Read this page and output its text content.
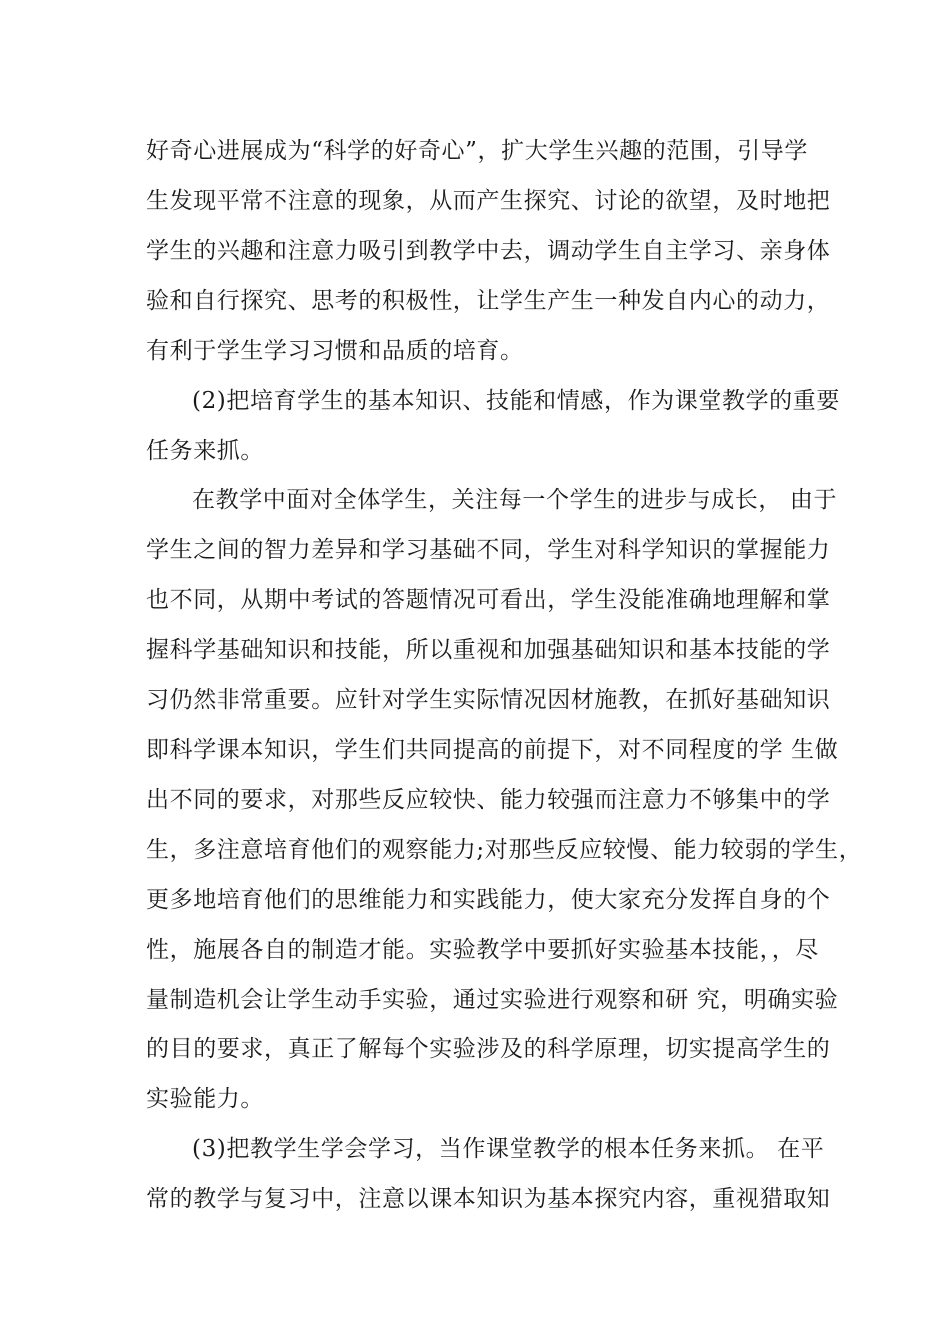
好奇心进展成为“科学的好奇心”，扩大学生兴趣的范围，引导学
生发现平常不注意的现象，从而产生探究、讨论的欲望，及时地把
学生的兴趣和注意力吸引到教学中去，调动学生自主学习、亲身体
验和自行探究、思考的积极性，让学生产生一种发自内心的动力，
有利于学生学习习惯和品质的培育。
(2)把培育学生的基本知识、技能和情感，作为课堂教学的重要
任务来抓。
在教学中面对全体学生，关注每一个学生的进步与成长， 由于
学生之间的智力差异和学习基础不同，学生对科学知识的掌握能力
也不同，从期中考试的答题情况可看出，学生没能准确地理解和掌
握科学基础知识和技能，所以重视和加强基础知识和基本技能的学
习仍然非常重要。应针对学生实际情况因材施教，在抓好基础知识
即科学课本知识，学生们共同提高的前提下，对不同程度的学 生做
出不同的要求，对那些反应较快、能力较强而注意力不够集中的学
生，多注意培育他们的观察能力;对那些反应较慢、能力较弱的学生，
更多地培育他们的思维能力和实践能力，使大家充分发挥自身的个
性，施展各自的制造才能。实验教学中要抓好实验基本技能，，尽
量制造机会让学生动手实验，通过实验进行观察和研 究，明确实验
的目的要求，真正了解每个实验涉及的科学原理，切实提高学生的
实验能力。
(3)把教学生学会学习，当作课堂教学的根本任务来抓。 在平
常的教学与复习中，注意以课本知识为基本探究内容，重视猎取知
